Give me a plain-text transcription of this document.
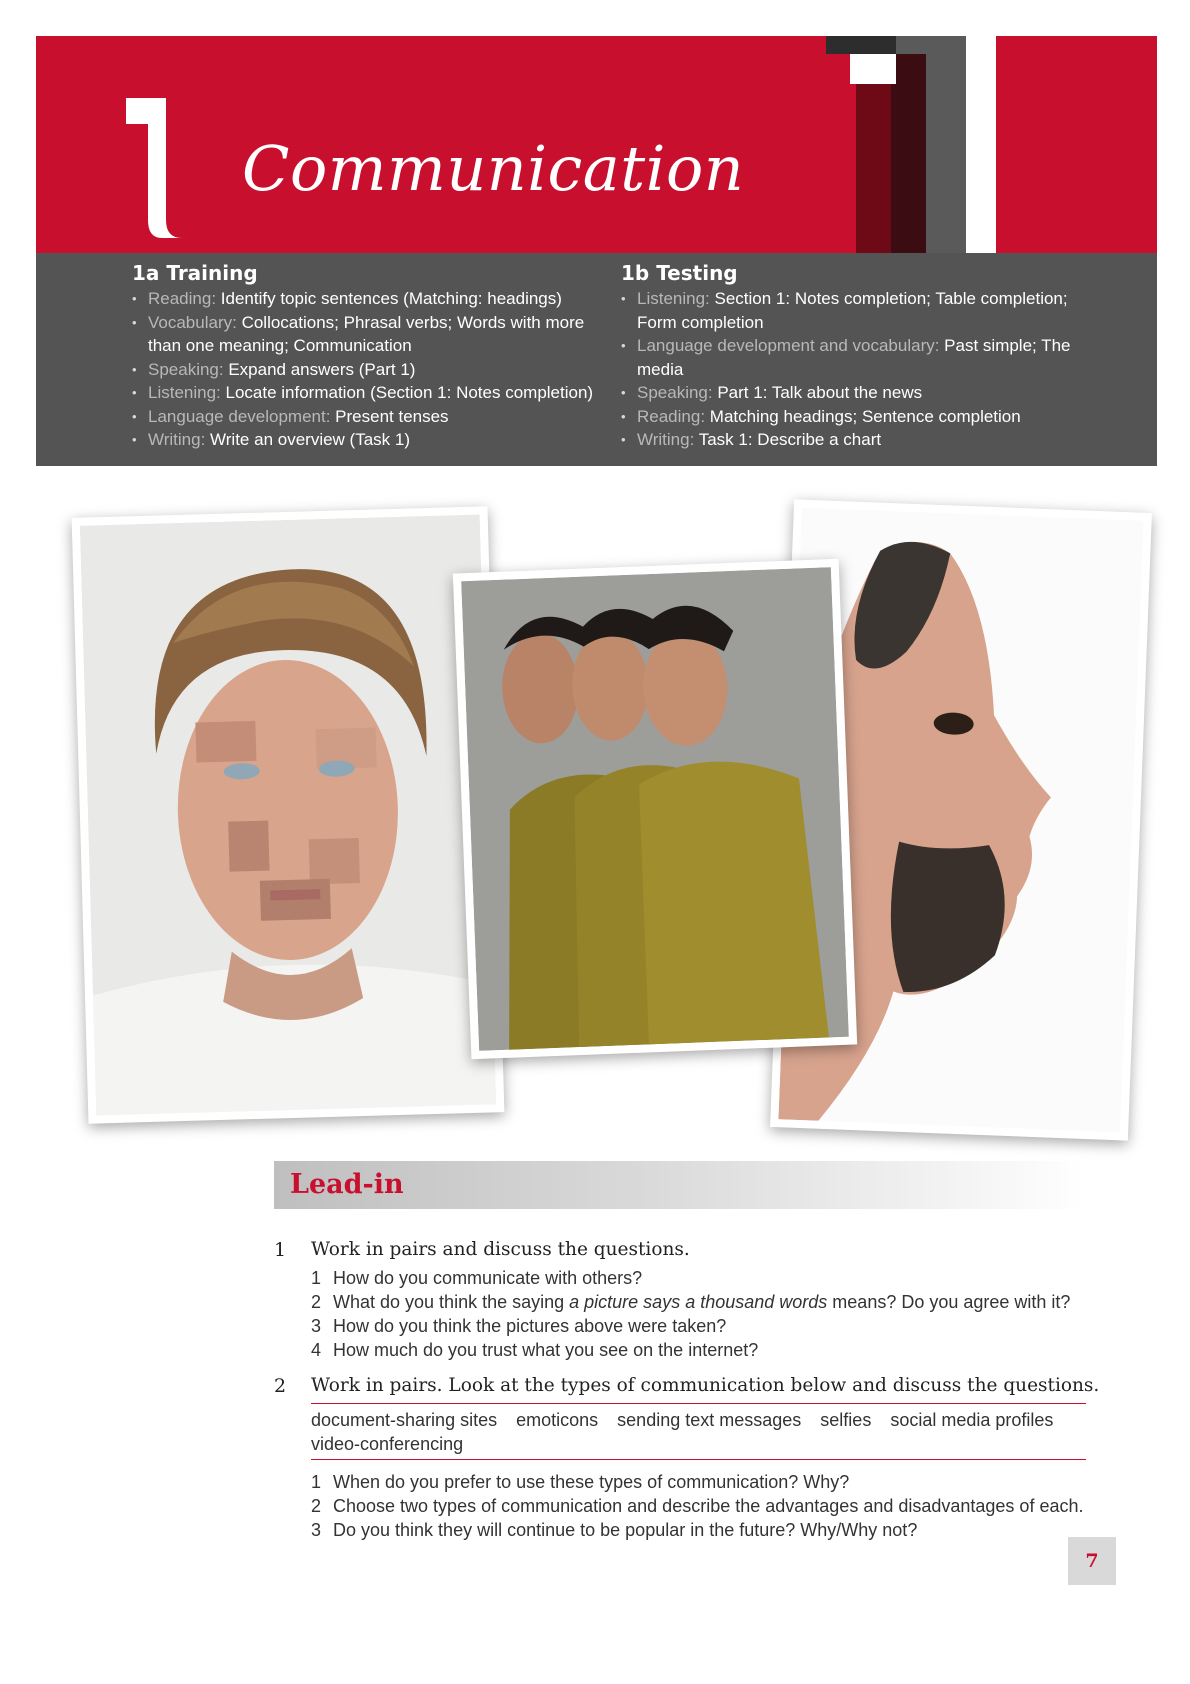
Communication
1a Training
• Reading: Identify topic sentences (Matching: headings)
• Vocabulary: Collocations; Phrasal verbs; Words with more than one meaning; Communication
• Speaking: Expand answers (Part 1)
• Listening: Locate information (Section 1: Notes completion)
• Language development: Present tenses
• Writing: Write an overview (Task 1)
1b Testing
• Listening: Section 1: Notes completion; Table completion; Form completion
• Language development and vocabulary: Past simple; The media
• Speaking: Part 1: Talk about the news
• Reading: Matching headings; Sentence completion
• Writing: Task 1: Describe a chart
Lead-in
1 Work in pairs and discuss the questions.
1 How do you communicate with others?
2 What do you think the saying a picture says a thousand words means? Do you agree with it?
3 How do you think the pictures above were taken?
4 How much do you trust what you see on the internet?
2 Work in pairs. Look at the types of communication below and discuss the questions.
document-sharing sites emoticons sending text messages selfies social media profiles video-conferencing
1 When do you prefer to use these types of communication? Why?
2 Choose two types of communication and describe the advantages and disadvantages of each.
3 Do you think they will continue to be popular in the future? Why/Why not?
7
